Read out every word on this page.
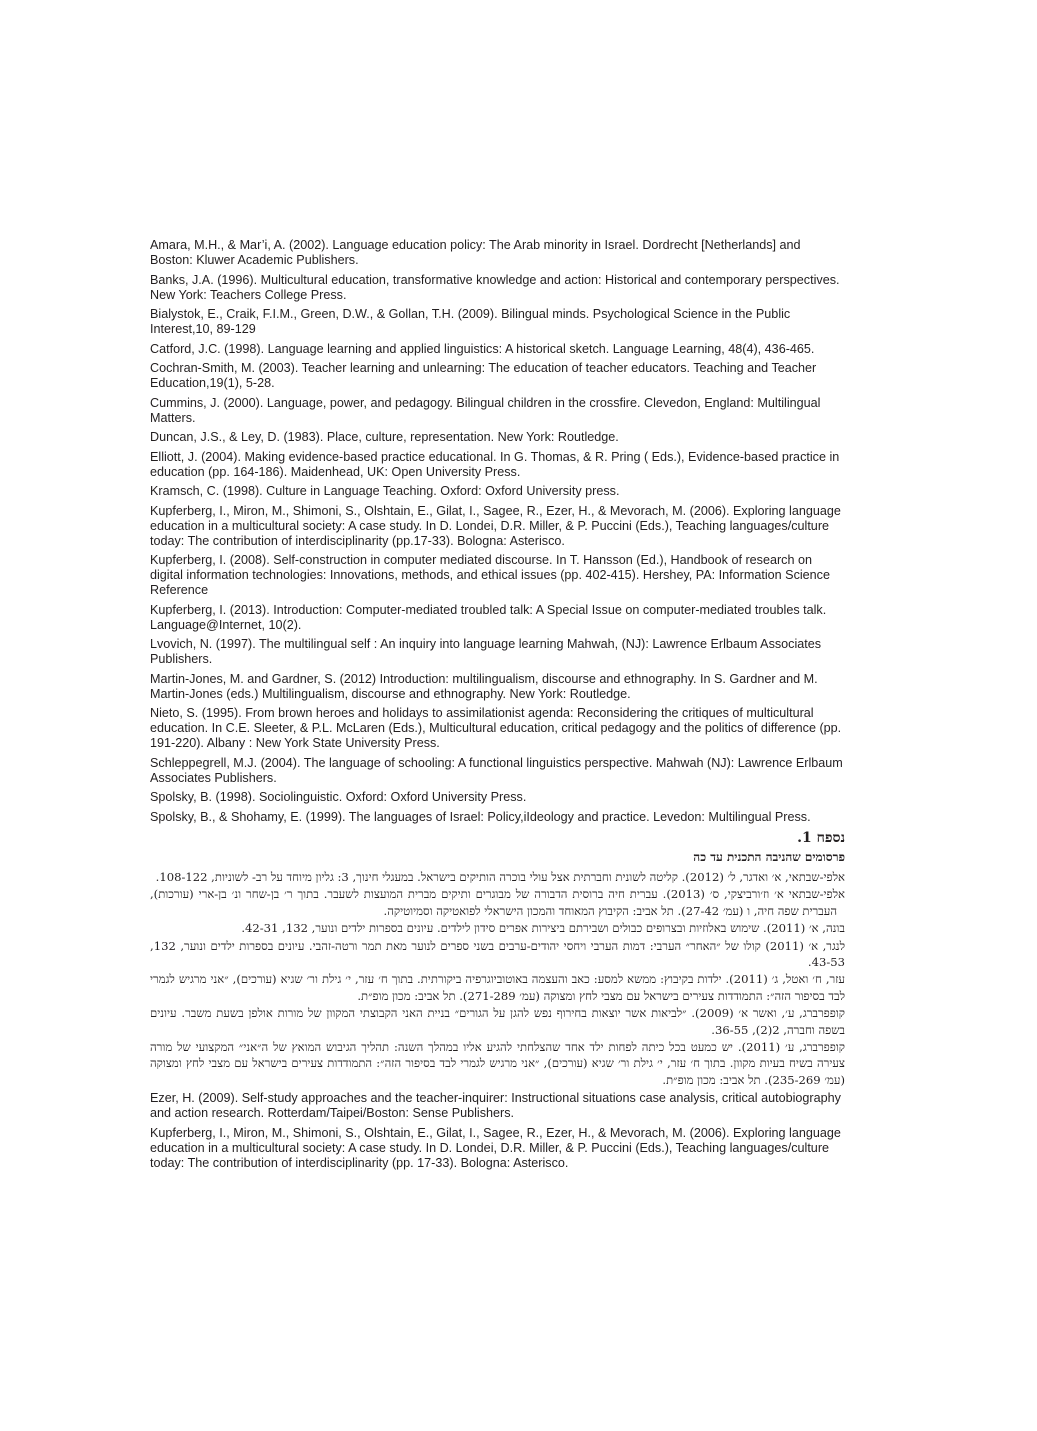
Amara, M.H., & Mar’i, A. (2002). Language education policy: The Arab minority in Israel. Dordrecht [Netherlands] and Boston: Kluwer Academic Publishers.

Banks, J.A. (1996). Multicultural education, transformative knowledge and action: Historical and contemporary perspectives. New York: Teachers College Press.

Bialystok, E., Craik, F.I.M., Green, D.W., & Gollan, T.H. (2009). Bilingual minds. Psychological Science in the Public Interest,10, 89-129

Catford, J.C. (1998). Language learning and applied linguistics: A historical sketch. Language Learning, 48(4), 436-465.

Cochran-Smith, M. (2003). Teacher learning and unlearning: The education of teacher educators. Teaching and Teacher Education,19(1), 5-28.

Cummins, J. (2000). Language, power, and pedagogy. Bilingual children in the crossfire. Clevedon, England: Multilingual Matters.

Duncan, J.S., & Ley, D. (1983). Place, culture, representation. New York: Routledge.

Elliott, J. (2004). Making evidence-based practice educational. In G. Thomas, & R. Pring ( Eds.), Evidence-based practice in education (pp. 164-186). Maidenhead, UK: Open University Press.

Kramsch, C. (1998). Culture in Language Teaching. Oxford: Oxford University press.

Kupferberg, I., Miron, M., Shimoni, S., Olshtain, E., Gilat, I., Sagee, R., Ezer, H., & Mevorach, M. (2006). Exploring language education in a multicultural society: A case study. In D. Londei, D.R. Miller, & P. Puccini (Eds.), Teaching languages/culture today: The contribution of interdisciplinarity (pp.17-33). Bologna: Asterisco.

Kupferberg, I. (2008). Self-construction in computer mediated discourse. In T. Hansson (Ed.), Handbook of research on digital information technologies: Innovations, methods, and ethical issues (pp. 402-415). Hershey, PA: Information Science Reference

Kupferberg, I. (2013). Introduction: Computer-mediated troubled talk: A Special Issue on computer-mediated troubles talk. Language@Internet, 10(2).

Lvovich, N. (1997). The multilingual self : An inquiry into language learning Mahwah, (NJ): Lawrence Erlbaum Associates Publishers.

Martin-Jones, M. and Gardner, S. (2012) Introduction: multilingualism, discourse and ethnography. In S. Gardner and M. Martin-Jones (eds.) Multilingualism, discourse and ethnography. New York: Routledge.

Nieto, S. (1995). From brown heroes and holidays to assimilationist agenda: Reconsidering the critiques of multicultural education. In C.E. Sleeter, & P.L. McLaren (Eds.), Multicultural education, critical pedagogy and the politics of difference (pp. 191-220). Albany : New York State University Press.

Schleppegrell, M.J. (2004). The language of schooling: A functional linguistics perspective. Mahwah (NJ): Lawrence Erlbaum Associates Publishers.

Spolsky, B. (1998). Sociolinguistic. Oxford: Oxford University Press.

Spolsky, B., & Shohamy, E. (1999). The languages of Israel: Policy,iIdeology and practice. Levedon: Multilingual Press.

נספח 1.
פרסומים שהניבה התכנית עד כה

אלפי-שבתאי, א׳ ואדגר, ל׳ (2012). קליטה לשונית וחברתית אצל עולי בוכרה הותיקים בישראל. במעגלי חינוך, 3: גליון מיוחד על רב- לשוניות, 108-122.

אלפי-שבתאי א׳ וז׳ורביצקי, ס׳ (2013). עברית חיה ברוסית הדבורה של מבוגרים ותיקים מברית המועצות לשעבר. בתוך ר׳ בן-שחר ונ׳ בן-ארי (עורכות), העברית שפה חיה, ו (עמ׳ 27-42). תל אביב: הקיבוץ המאוחד והמכון הישראלי לפואטיקה וסמיוטיקה.

בונה, א׳ (2011). שימוש באלוזיות ובצרופים כבולים ושבירתם ביצירות אפרים סידון לילדים. עיונים בספרות ילדים ונוער, 132, 42-31.

לנגר, א׳ (2011) קולו של ״האחר״ הערבי: דמות הערבי ויחסי יהודים-ערבים בשני ספרים לנוער מאת תמר ורטה-זהבי. עיונים בספרות ילדים ונוער, 132, 43-53.

עזר, ח׳ ואטל, ג׳ (2011). ילדות בקיבוץ: ממשא למסע: כאב והעצמה באוטוביוגרפיה ביקורתית. בתוך ח׳ עזר, י׳ גילת ור׳ שגיא (עורכים), ״אני מרגיש לגמרי לבד בסיפור הזה״: התמודדות צעירים בישראל עם מצבי לחץ ומצוקה (עמ׳ 271-289). תל אביב: מכון מופ״ת.

קופפרברג, ע׳, ואשר א׳ (2009). ״לביאות אשר יוצאות בחירוף נפש להגן על הגורים״ בניית האני הקבוצתי המקוון של מורות אולפן בשעת משבר. עיונים בשפה וחברה, 2(2), 36-55.

קופפרברג, ע׳ (2011). יש כמעט בכל כיתה לפחות ילד אחד שהצלחתי להגיע אליו במהלך השנה: תהליך הגיבוש המואץ של ה״אני״ המקצועי של מורה צעירה בשיח בעיות מקוון. בתוך ח׳ עזר, י׳ גילת ור׳ שגיא (עורכים), ״אני מרגיש לגמרי לבד בסיפור הזה״: התמודדות צעירים בישראל עם מצבי לחץ ומצוקה (עמ׳ 235-269). תל אביב: מכון מופ״ת.

Ezer, H. (2009). Self-study approaches and the teacher-inquirer: Instructional situations case analysis, critical autobiography and action research. Rotterdam/Taipei/Boston: Sense Publishers.

Kupferberg, I., Miron, M., Shimoni, S., Olshtain, E., Gilat, I., Sagee, R., Ezer, H., & Mevorach, M. (2006). Exploring language education in a multicultural society: A case study. In D. Londei, D.R. Miller, & P. Puccini (Eds.), Teaching languages/culture today: The contribution of interdisciplinarity (pp. 17-33). Bologna: Asterisco.
